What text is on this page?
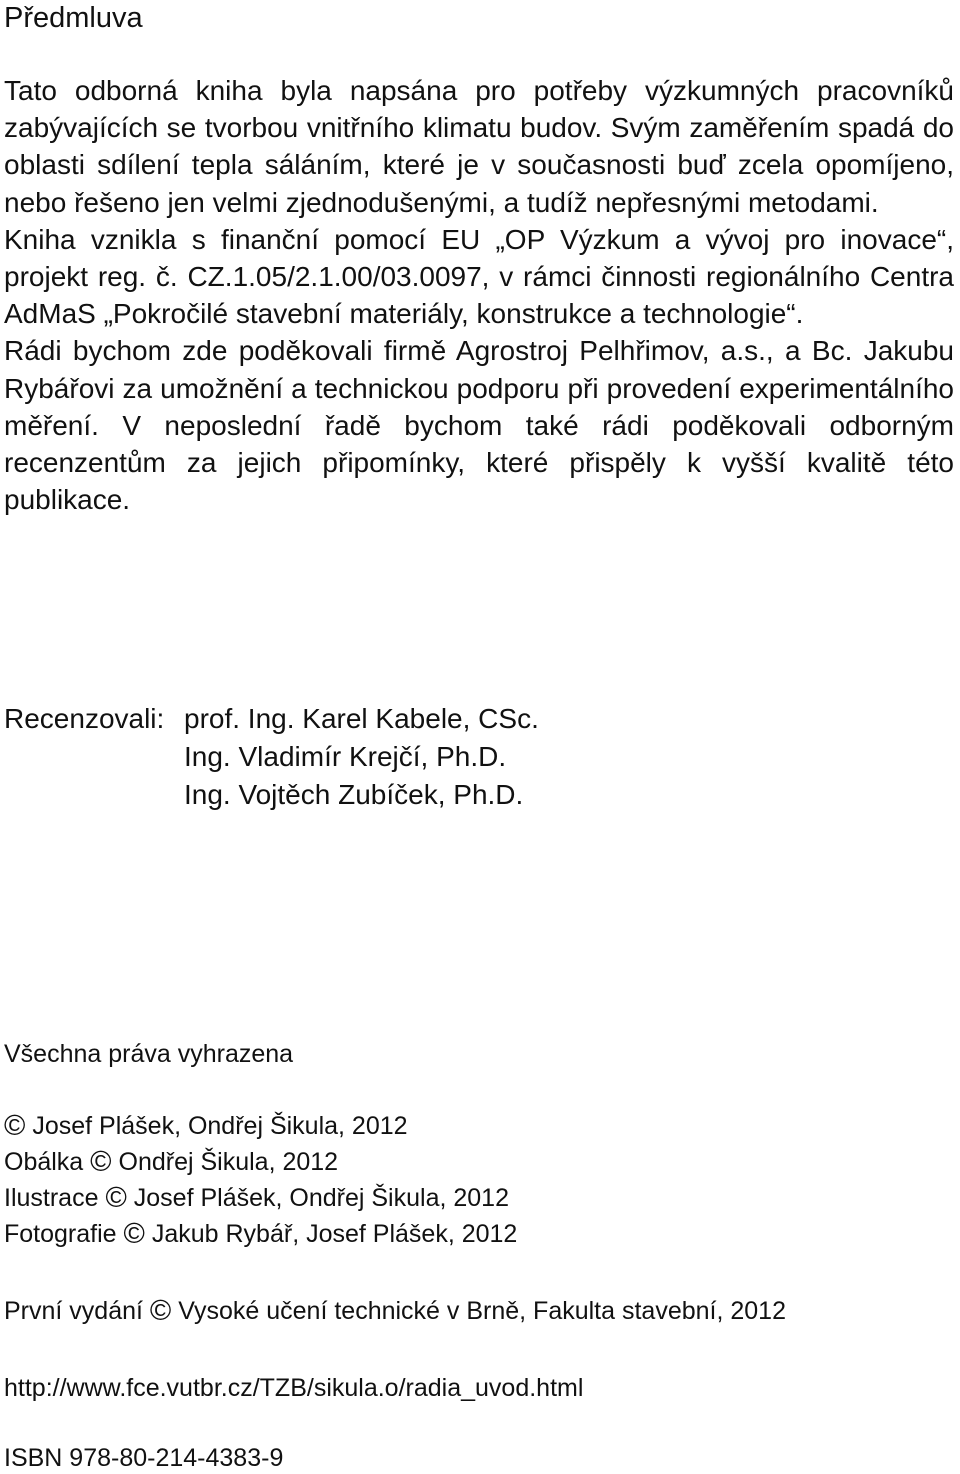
Předmluva

Tato odborná kniha byla napsána pro potřeby výzkumných pracovníků zabývajících se tvorbou vnitřního klimatu budov. Svým zaměřením spadá do oblasti sdílení tepla sáláním, které je v současnosti buď zcela opomíjeno, nebo řešeno jen velmi zjednodušenými, a tudíž nepřesnými metodami.

Kniha vznikla s finanční pomocí EU „OP Výzkum a vývoj pro inovace“, projekt reg. č. CZ.1.05/2.1.00/03.0097, v rámci činnosti regionálního Centra AdMaS „Pokročilé stavební materiály, konstrukce a technologie“.

Rádi bychom zde poděkovali firmě Agrostroj Pelhřimov, a.s., a Bc. Jakubu Rybářovi za umožnění a technickou podporu při provedení experimentálního měření. V neposlední řadě bychom také rádi poděkovali odborným recenzentům za jejich připomínky, které přispěly k vyšší kvalitě této publikace.

Recenzovali: prof. Ing. Karel Kabele, CSc.
Ing. Vladimír Krejčí, Ph.D.
Ing. Vojtěch Zubíček, Ph.D.

Všechna práva vyhrazena

© Josef Plášek, Ondřej Šikula, 2012
Obálka © Ondřej Šikula, 2012
Ilustrace © Josef Plášek, Ondřej Šikula, 2012
Fotografie © Jakub Rybář, Josef Plášek, 2012
První vydání © Vysoké učení technické v Brně, Fakulta stavební, 2012
http://www.fce.vutbr.cz/TZB/sikula.o/radia_uvod.html
ISBN 978-80-214-4383-9
